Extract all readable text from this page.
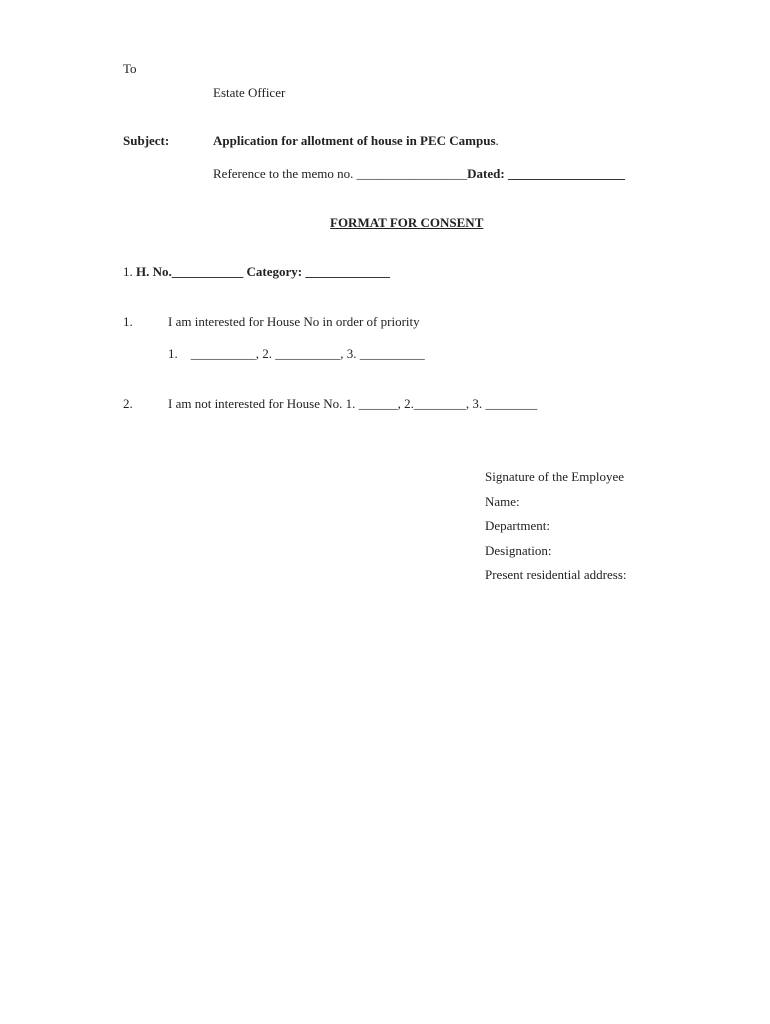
To
Estate Officer
Subject:	Application for allotment of house in PEC Campus.
Reference to the memo no. _________________Dated: __________________
FORMAT FOR CONSENT
1. H. No.___________ Category: _____________
1.	I am interested for House No in order of priority
1.    __________, 2. __________, 3. __________
2.	I am not interested for House No. 1. ______, 2.________, 3. ________
Signature of the Employee
Name:
Department:
Designation:
Present residential address:
